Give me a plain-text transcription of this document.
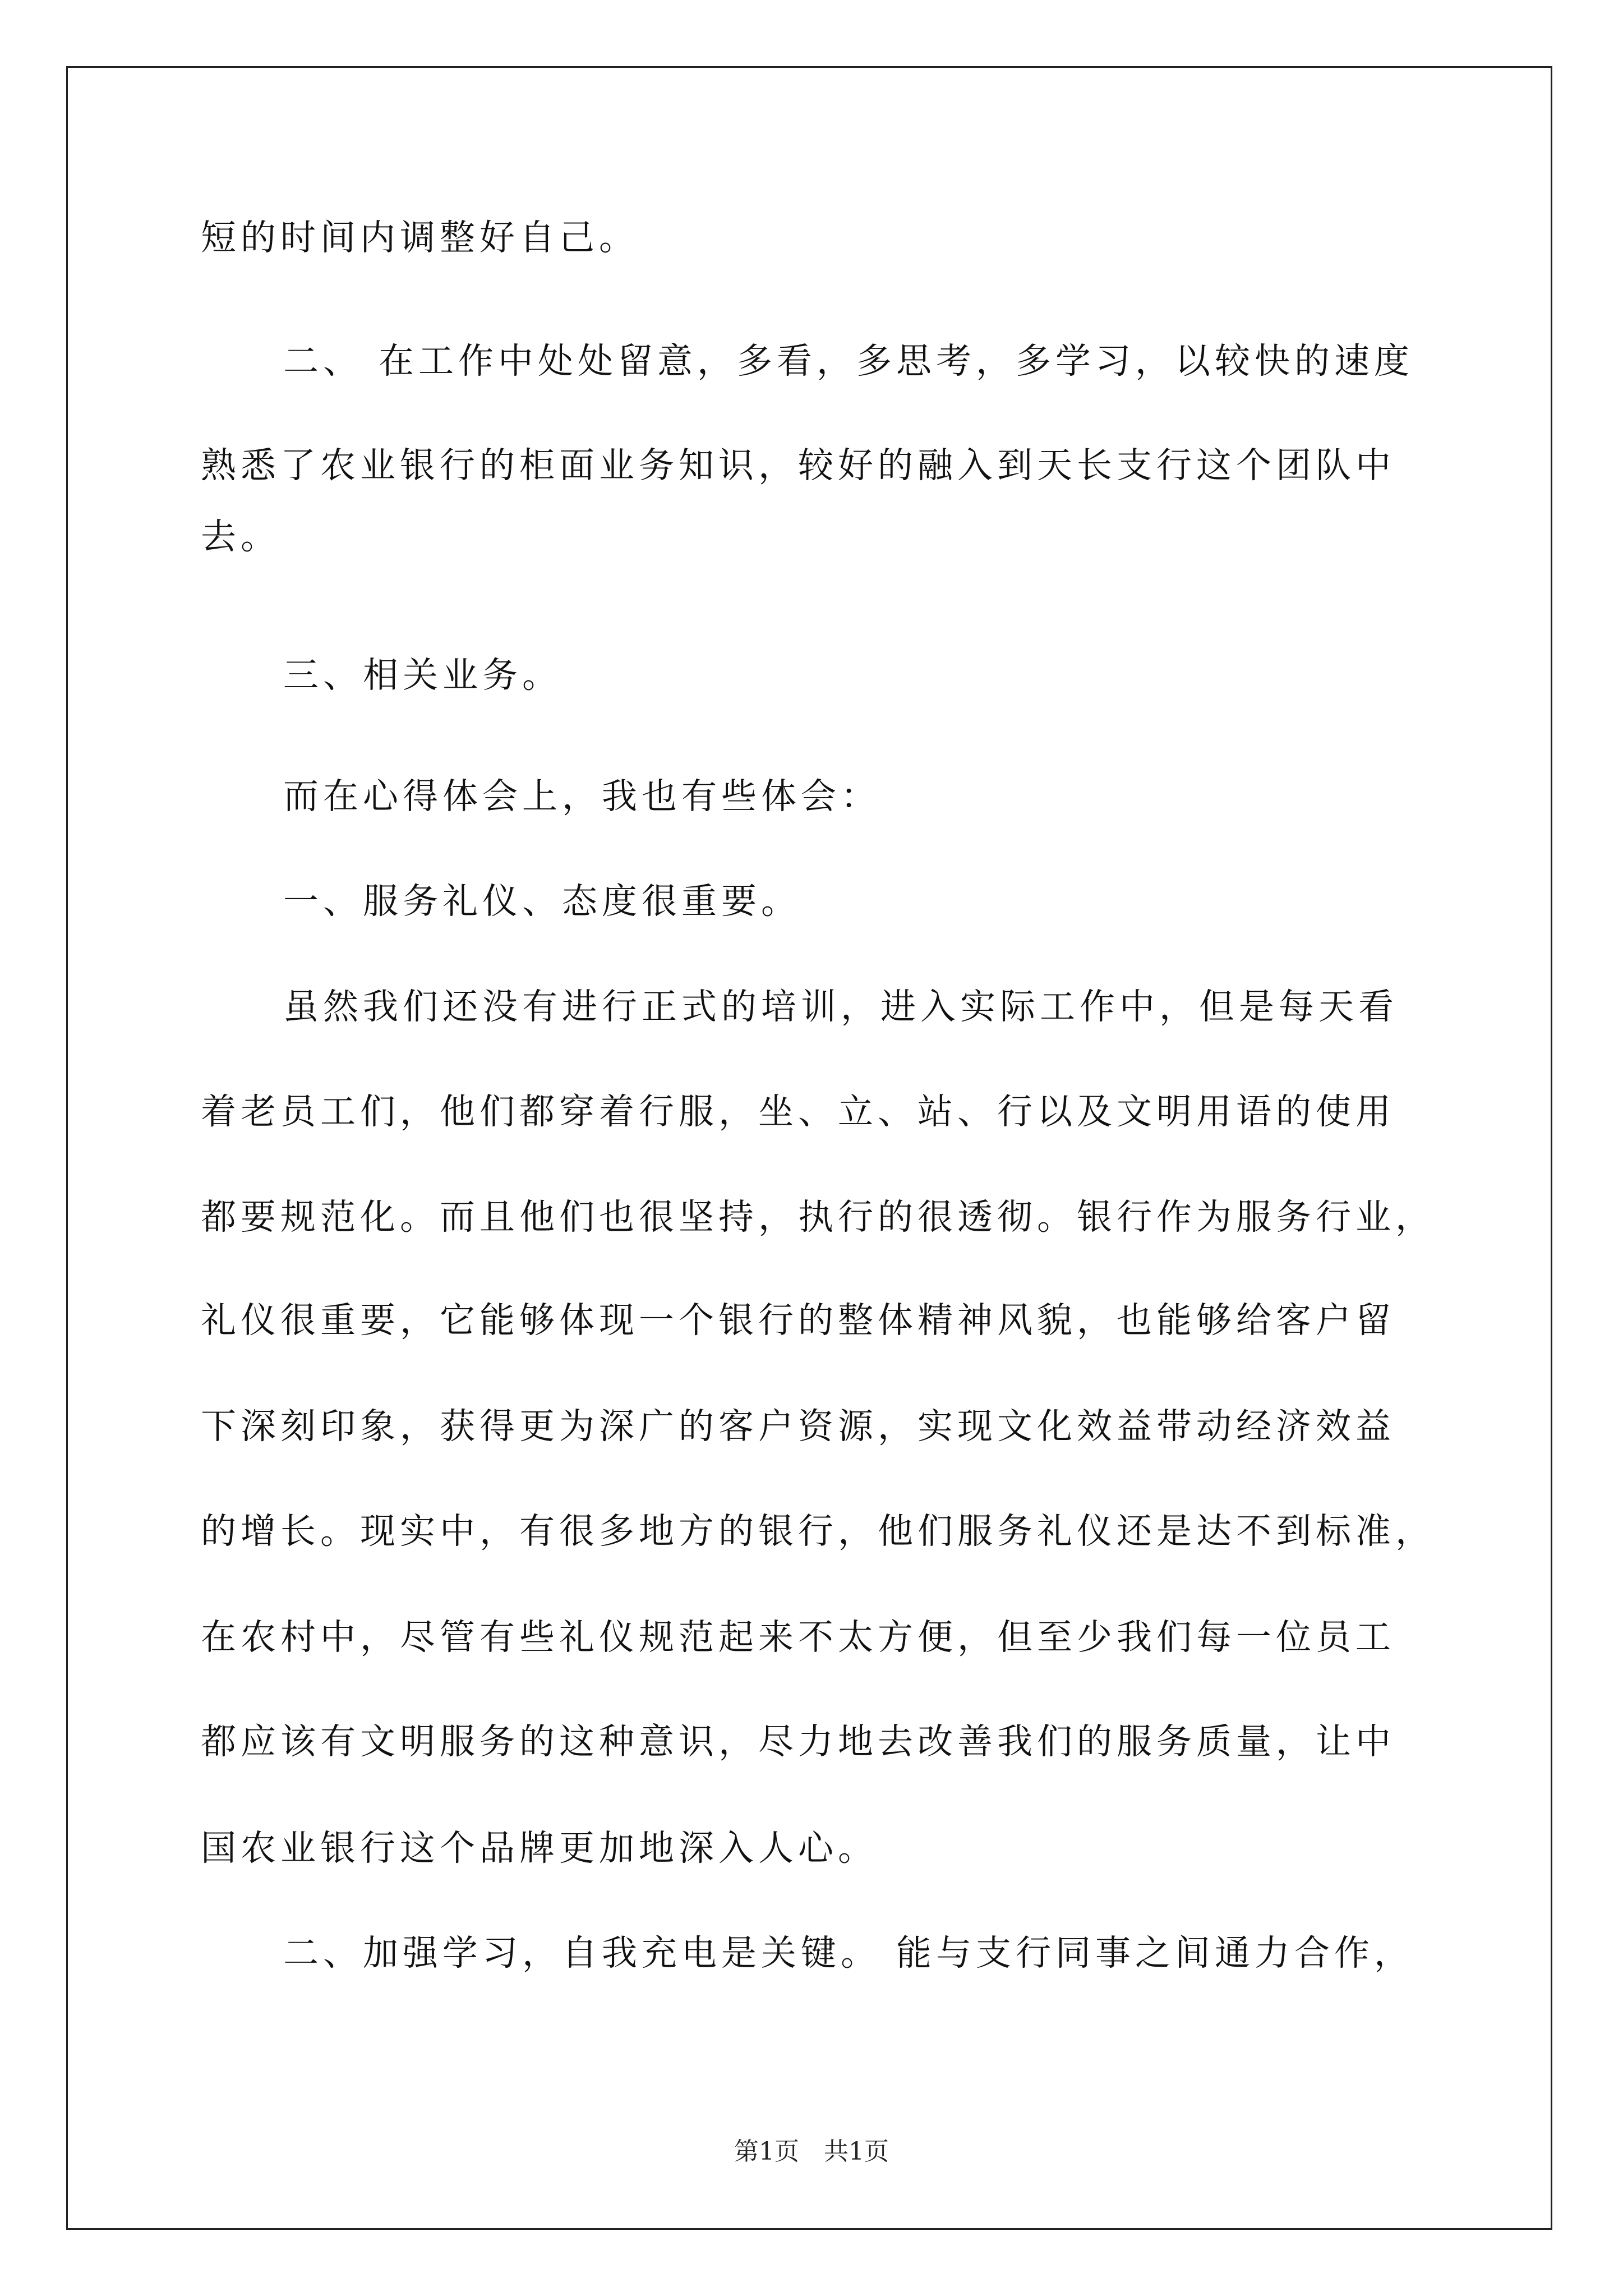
短的时间内调整好自己。
二、 在工作中处处留意，多看，多思考，多学习，以较快的速度
熟悉了农业银行的柜面业务知识，较好的融入到天长支行这个团队中
去。
三、相关业务。
而在心得体会上，我也有些体会：
一、服务礼仪、态度很重要。
虽然我们还没有进行正式的培训，进入实际工作中，但是每天看
着老员工们，他们都穿着行服，坐、立、站、行以及文明用语的使用
都要规范化。而且他们也很坚持，执行的很透彻。银行作为服务行业，
礼仪很重要，它能够体现一个银行的整体精神风貌，也能够给客户留
下深刻印象，获得更为深广的客户资源，实现文化效益带动经济效益
的增长。现实中，有很多地方的银行，他们服务礼仪还是达不到标准，
在农村中，尽管有些礼仪规范起来不太方便，但至少我们每一位员工
都应该有文明服务的这种意识，尽力地去改善我们的服务质量，让中
国农业银行这个品牌更加地深入人心。
二、加强学习，自我充电是关键。 能与支行同事之间通力合作，
第1页　共1页
